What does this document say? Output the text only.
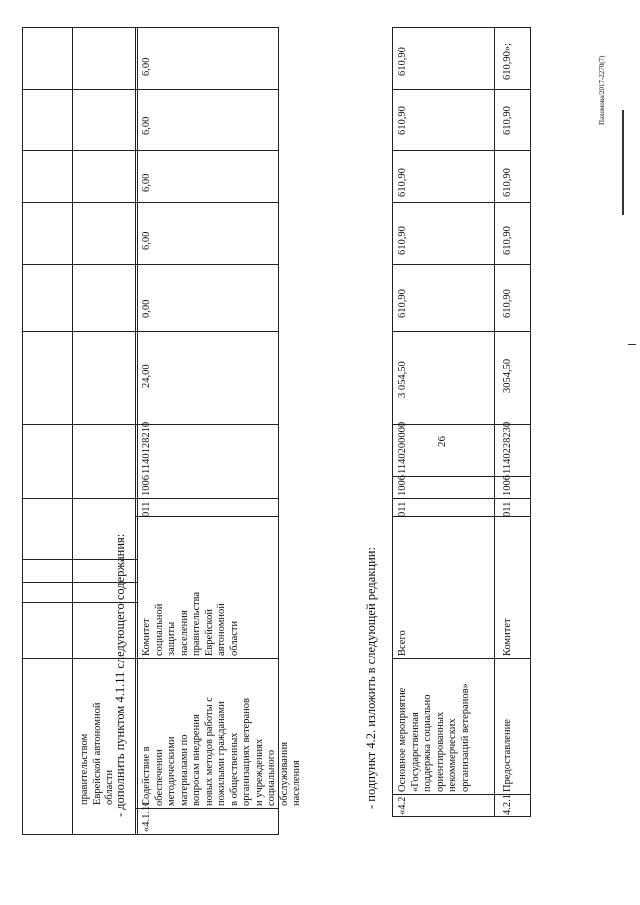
26
правительством
Еврейской автономной
области
- дополнить пунктом 4.1.11 следующего содержания: «4.1.11
Содействие в
обеспечении
методическими
материалами по
вопросам внедрения
новых методов работы с
пожилыми гражданами
в общественных
организациях ветеранов
и учреждениях
социального
обслуживания
населения
Комитет
социальной
защиты
населения
правительства
Еврейской
автономной
области
011
1006
1140128210
24,00
0,00
6,00
6,00
6,00
6,00
- подпункт 4.2. изложить в следующей редакции: «4.2
Основное мероприятие
«Государственная
поддержка социально
ориентированных
некоммерческих
организаций ветеранов»
Всего
011
1006
1140200000
3 054,50
610,90
610,90
610,90
610,90
610,90
4.2.1
Предоставление
Комитет
011
1006
1140228230
3054,50
610,90
610,90
610,90
610,90
610,90»;	Пахомова/2017-2270(7)
